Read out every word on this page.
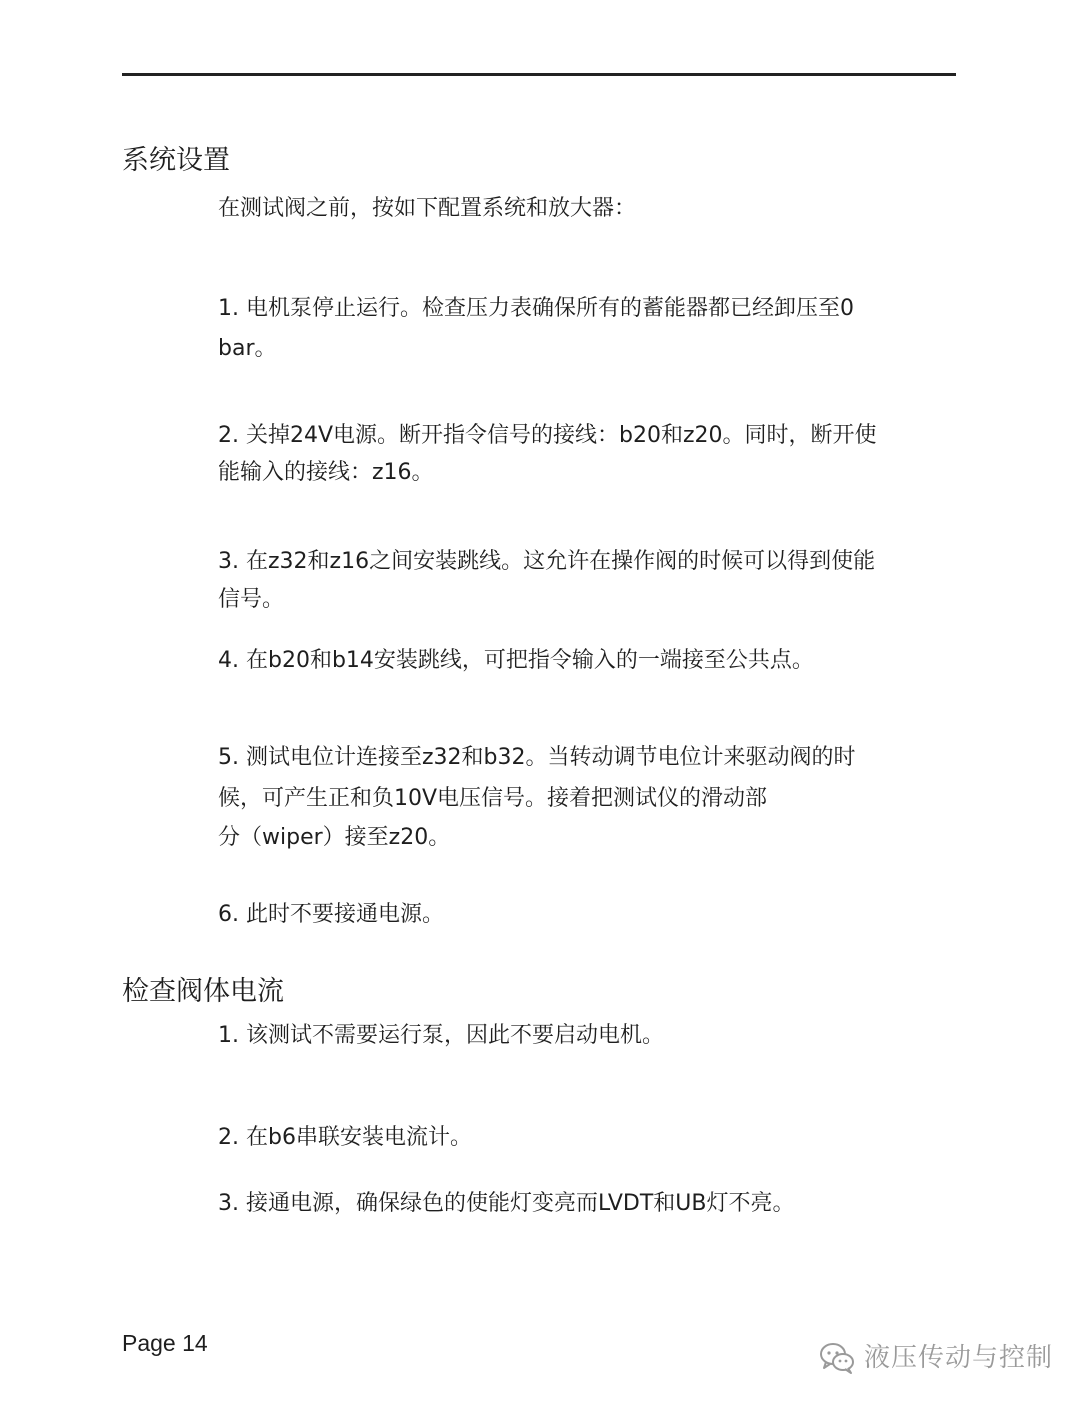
系统设置
在测试阀之前，按如下配置系统和放大器：
1. 电机泵停止运行。检查压力表确保所有的蓄能器都已经卸压至0
bar。
2. 关掉24V电源。断开指令信号的接线：b20和z20。同时，断开使
能输入的接线：z16。
3. 在z32和z16之间安装跳线。这允许在操作阀的时候可以得到使能
信号。
4. 在b20和b14安装跳线，可把指令输入的一端接至公共点。
5. 测试电位计连接至z32和b32。当转动调节电位计来驱动阀的时
候，可产生正和负10V电压信号。接着把测试仪的滑动部
分（wiper）接至z20。
6. 此时不要接通电源。
检查阀体电流
1. 该测试不需要运行泵，因此不要启动电机。
2. 在b6串联安装电流计。
3. 接通电源，确保绿色的使能灯变亮而LVDT和UB灯不亮。
Page 14	液压传动与控制
